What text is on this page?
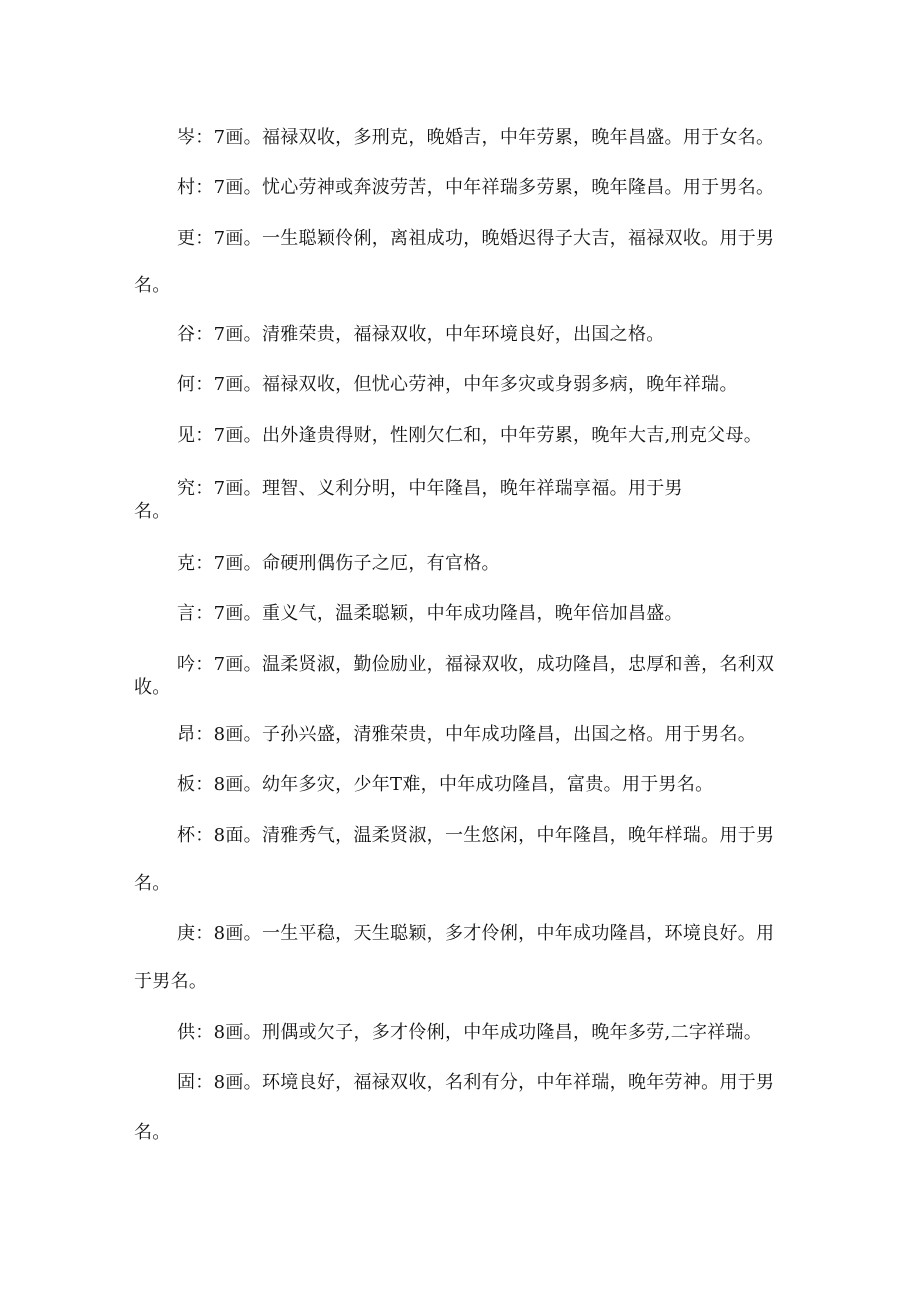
岑：7画。福禄双收，多刑克，晚婚吉，中年劳累，晚年昌盛。用于女名。
村：7画。忧心劳神或奔波劳苦，中年祥瑞多劳累，晚年隆昌。用于男名。
更：7画。一生聪颖伶俐，离祖成功，晚婚迟得子大吉，福禄双收。用于男
名。
谷：7画。清雅荣贵，福禄双收，中年环境良好，出国之格。
何：7画。福禄双收，但忧心劳神，中年多灾或身弱多病，晚年祥瑞。
见：7画。出外逢贵得财，性刚欠仁和，中年劳累，晚年大吉,刑克父母。
究：7画。理智、义利分明，中年隆昌，晚年祥瑞享福。用于男
名。
克：7画。命硬刑偶伤子之厄，有官格。
言：7画。重义气，温柔聪颖，中年成功隆昌，晚年倍加昌盛。
吟：7画。温柔贤淑，勤俭励业，福禄双收，成功隆昌，忠厚和善，名利双
收。
昂：8画。子孙兴盛，清雅荣贵，中年成功隆昌，出国之格。用于男名。
板：8画。幼年多灾，少年T难，中年成功隆昌，富贵。用于男名。
杯：8面。清雅秀气，温柔贤淑，一生悠闲，中年隆昌，晚年样瑞。用于男
名。
庚：8画。一生平稳，天生聪颖，多才伶俐，中年成功隆昌，环境良好。用
于男名。
供：8画。刑偶或欠子，多才伶俐，中年成功隆昌，晚年多劳,二字祥瑞。
固：8画。环境良好，福禄双收，名利有分，中年祥瑞，晚年劳神。用于男
名。
